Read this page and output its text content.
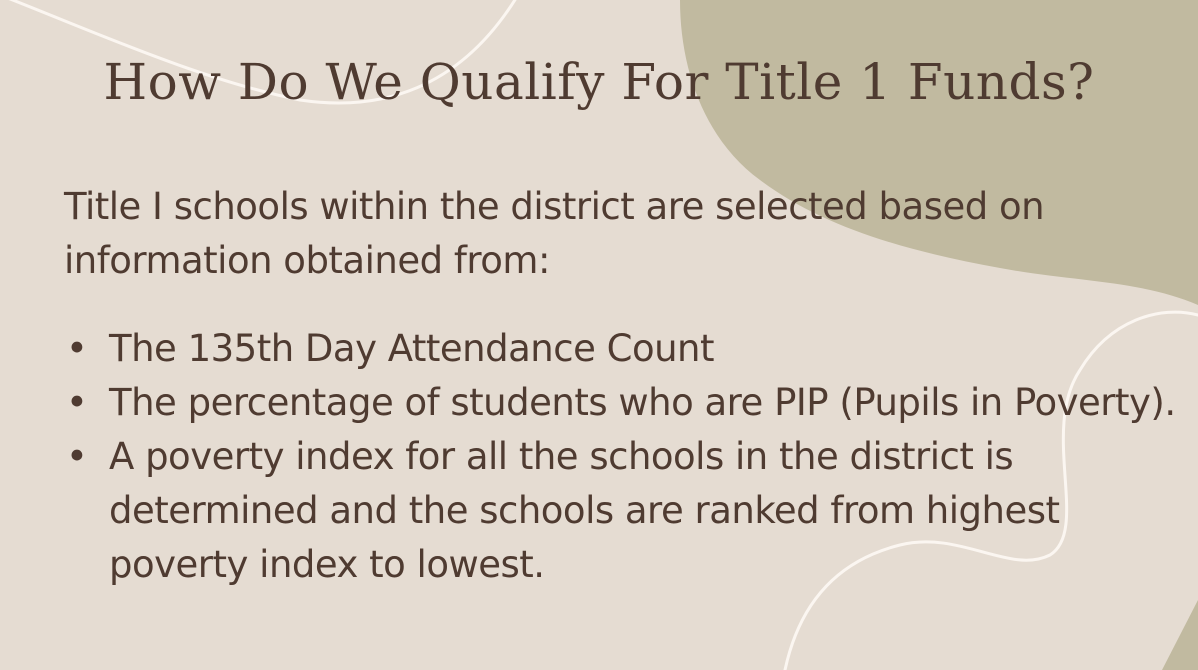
How Do We Qualify For Title 1 Funds?

Title I schools within the district are selected based on
information obtained from:

• The 135th Day Attendance Count
• The percentage of students who are PIP (Pupils in Poverty).
• A poverty index for all the schools in the district is
determined and the schools are ranked from highest
poverty index to lowest.
